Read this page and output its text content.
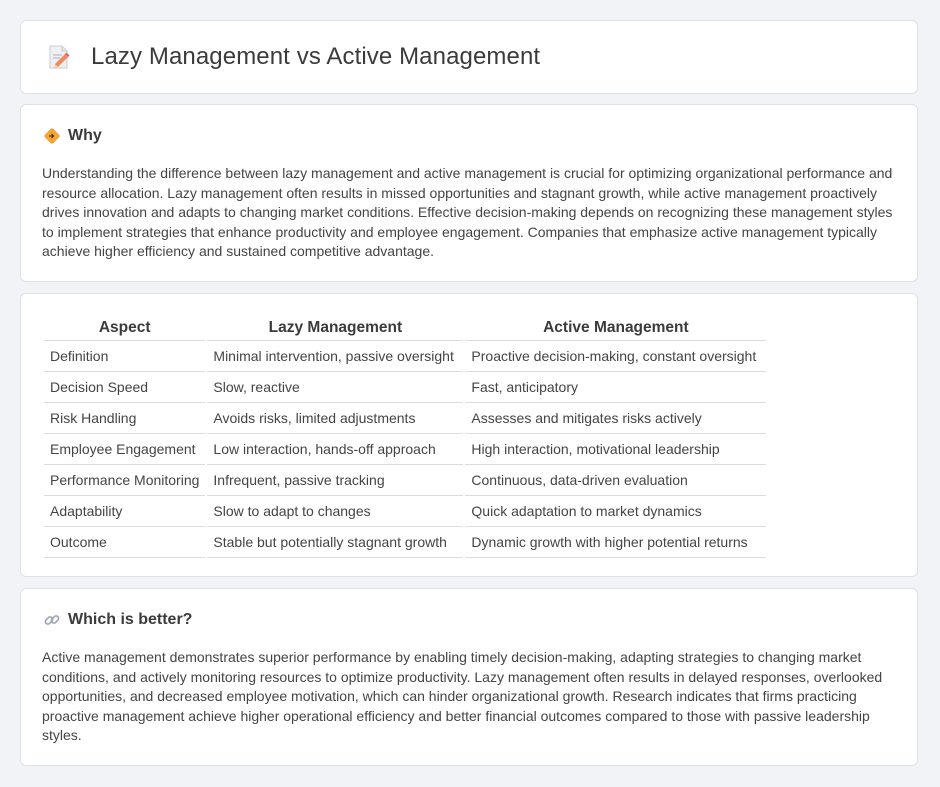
Lazy Management vs Active Management
Why

Understanding the difference between lazy management and active management is crucial for optimizing organizational performance and resource allocation. Lazy management often results in missed opportunities and stagnant growth, while active management proactively drives innovation and adapts to changing market conditions. Effective decision-making depends on recognizing these management styles to implement strategies that enhance productivity and employee engagement. Companies that emphasize active management typically achieve higher efficiency and sustained competitive advantage.

Aspect	Lazy Management	Active Management
Definition	Minimal intervention, passive oversight	Proactive decision-making, constant oversight
Decision Speed	Slow, reactive	Fast, anticipatory
Risk Handling	Avoids risks, limited adjustments	Assesses and mitigates risks actively
Employee Engagement	Low interaction, hands-off approach	High interaction, motivational leadership
Performance Monitoring	Infrequent, passive tracking	Continuous, data-driven evaluation
Adaptability	Slow to adapt to changes	Quick adaptation to market dynamics
Outcome	Stable but potentially stagnant growth	Dynamic growth with higher potential returns
Which is better?

Active management demonstrates superior performance by enabling timely decision-making, adapting strategies to changing market conditions, and actively monitoring resources to optimize productivity. Lazy management often results in delayed responses, overlooked opportunities, and decreased employee motivation, which can hinder organizational growth. Research indicates that firms practicing proactive management achieve higher operational efficiency and better financial outcomes compared to those with passive leadership styles.
